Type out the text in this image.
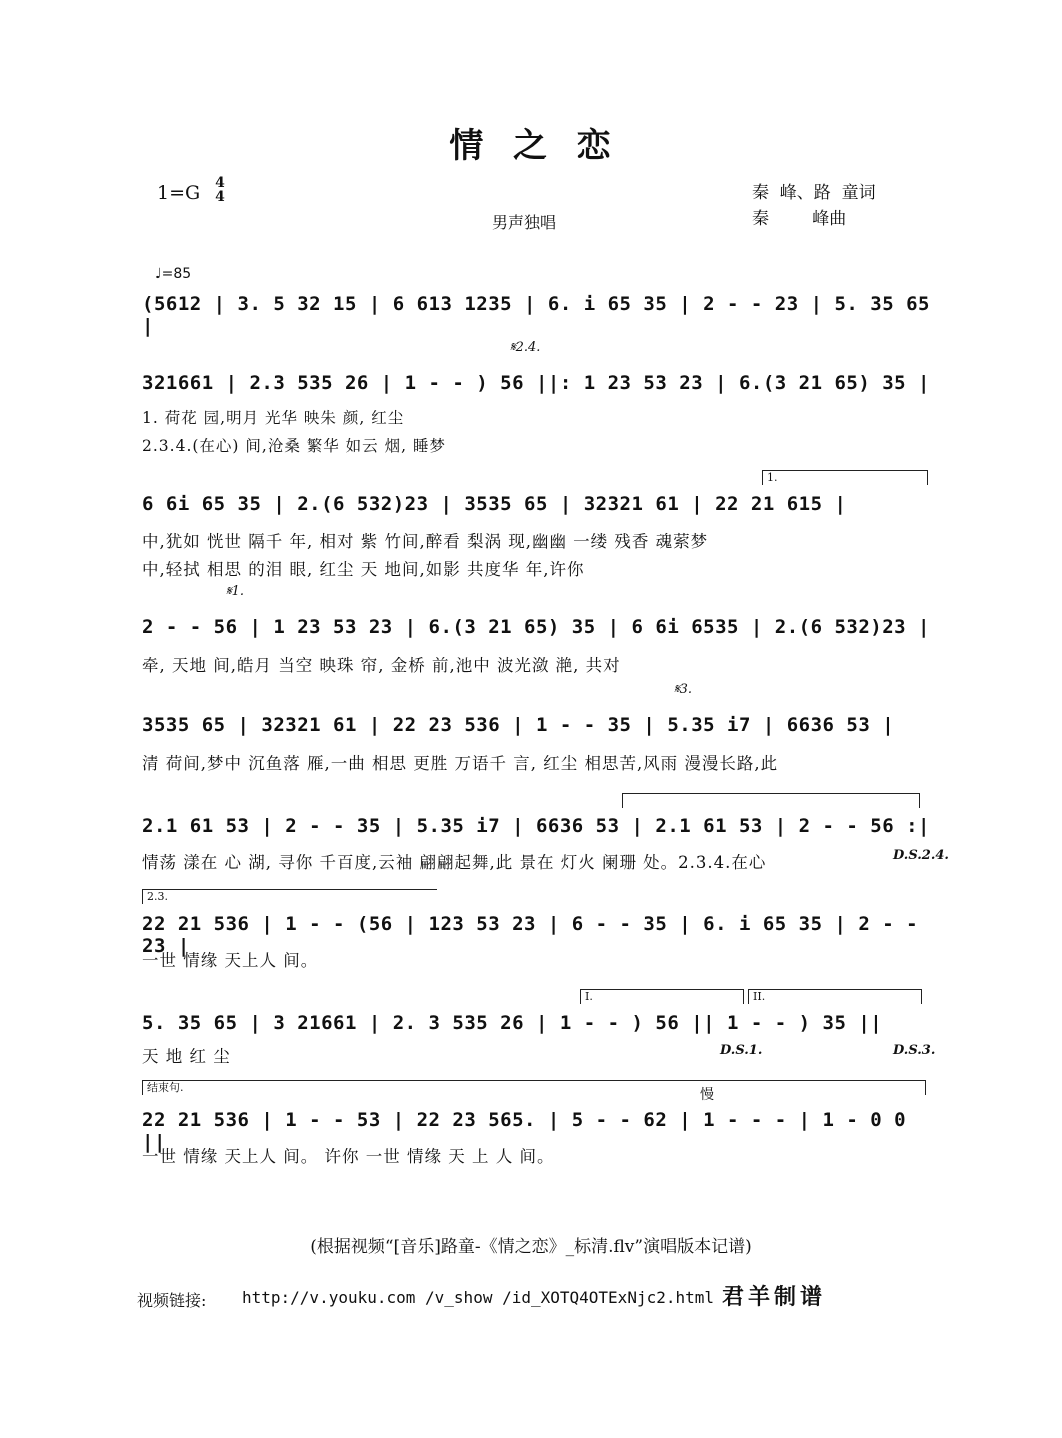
情  之  恋
1=G 4
4	秦  峰、路  童词
秦        峰曲
男声独唱
♩=85
(5612 | 3. 5 32 15 | 6 613 1235 | 6. i 65 35 | 2 - - 23 | 5. 35 65 |
𝄋2.4.
321661 | 2.3 535 26 | 1 - - ) 56 ||: 1 23 53 23 | 6.(3 21 65) 35 |
1. 荷花 园,明月 光华 映朱 颜, 红尘
2.3.4.(在心) 间,沧桑 繁华 如云 烟, 睡梦
1.
6 6i 65 35 | 2.(6 532)23 | 3535 65 | 32321 61 | 22 21 615 |
中,犹如 恍世 隔千 年, 相对 紫 竹间,醉看 梨涡 现,幽幽 一缕 残香 魂萦梦
中,轻拭 相思 的泪 眼, 红尘 天 地间,如影 共度华 年,许你
𝄋1.
2 - - 56 | 1 23 53 23 | 6.(3 21 65) 35 | 6 6i 6535 | 2.(6 532)23 |
牵, 天地 间,皓月 当空 映珠 帘, 金桥 前,池中 波光潋 滟, 共对
𝄋3.
3535 65 | 32321 61 | 22 23 536 | 1 - - 35 | 5.35 i7 | 6636 53 |
清 荷间,梦中 沉鱼落 雁,一曲 相思 更胜 万语千 言, 红尘 相思苦,风雨 漫漫长路,此
2.1 61 53 | 2 - - 35 | 5.35 i7 | 6636 53 | 2.1 61 53 | 2 - - 56 :|
情荡 漾在 心 湖, 寻你 千百度,云袖 翩翩起舞,此 景在 灯火 阑珊 处。2.3.4.在心	D.S.2.4.
2.3.
22 21 536 | 1 - - (56 | 123 53 23 | 6 - - 35 | 6. i 65 35 | 2 - - 23 |
一世 情缘 天上人 间。
I.	II.
5. 35 65 | 3 21661 | 2. 3 535 26 | 1 - - ) 56 || 1 - - ) 35 ||
天 地 红 尘	D.S.1.	D.S.3.
结束句.	慢
22 21 536 | 1 - - 53 | 22 23 565. | 5 - - 62 | 1 - - - | 1 - 0 0 ||
一世 情缘 天上人 间。 许你 一世 情缘 天 上 人 间。
(根据视频“[音乐]路童-《情之恋》_标清.flv”演唱版本记谱)
视频链接: http://v.youku.com /v_show /id_XOTQ4OTExNjc2.html 君羊制谱
